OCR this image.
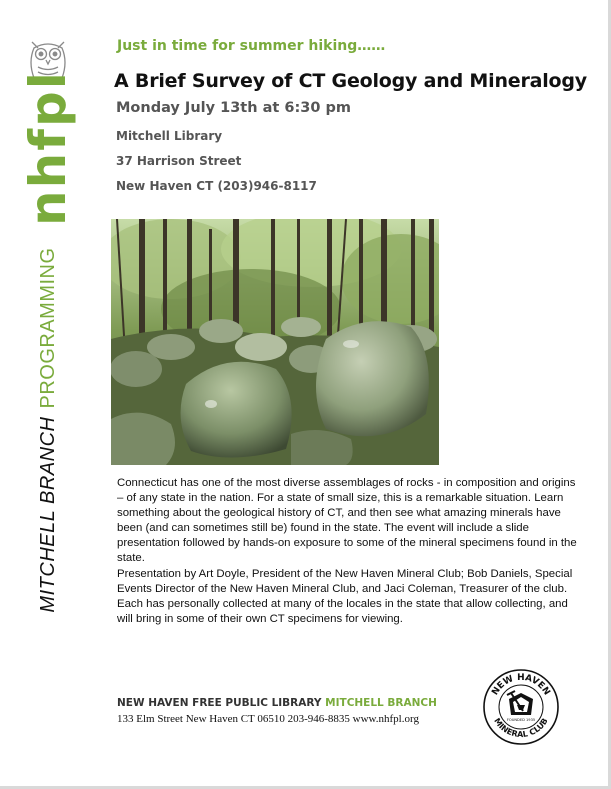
nhfpl
MITCHELL BRANCHPROGRAMMING
Just in time for summer hiking……
A Brief Survey of CT Geology and Mineralogy
Monday July 13th at 6:30 pm
Mitchell Library
37 Harrison Street
New Haven CT (203)946-8117

Connecticut has one of the most diverse assemblages of rocks - in composition and origins – of any state in the nation. For a state of small size, this is a remarkable situation. Learn something about the geological history of CT, and then see what amazing minerals have been (and can sometimes still be) found in the state. The event will include a slide presentation followed by hands-on exposure to some of the mineral specimens found in the state.

Presentation by Art Doyle, President of the New Haven Mineral Club; Bob Daniels, Special Events Director of the New Haven Mineral Club, and Jaci Coleman, Treasurer of the club. Each has personally collected at many of the locales in the state that allow collecting, and will bring in some of their own CT specimens for viewing.

NEW HAVEN FREE PUBLIC LIBRARY MITCHELL BRANCH
133 Elm Street New Haven CT 06510 203-946-8835 www.nhfpl.org
NEW HAVEN
MINERAL CLUB
FOUNDED 1935
